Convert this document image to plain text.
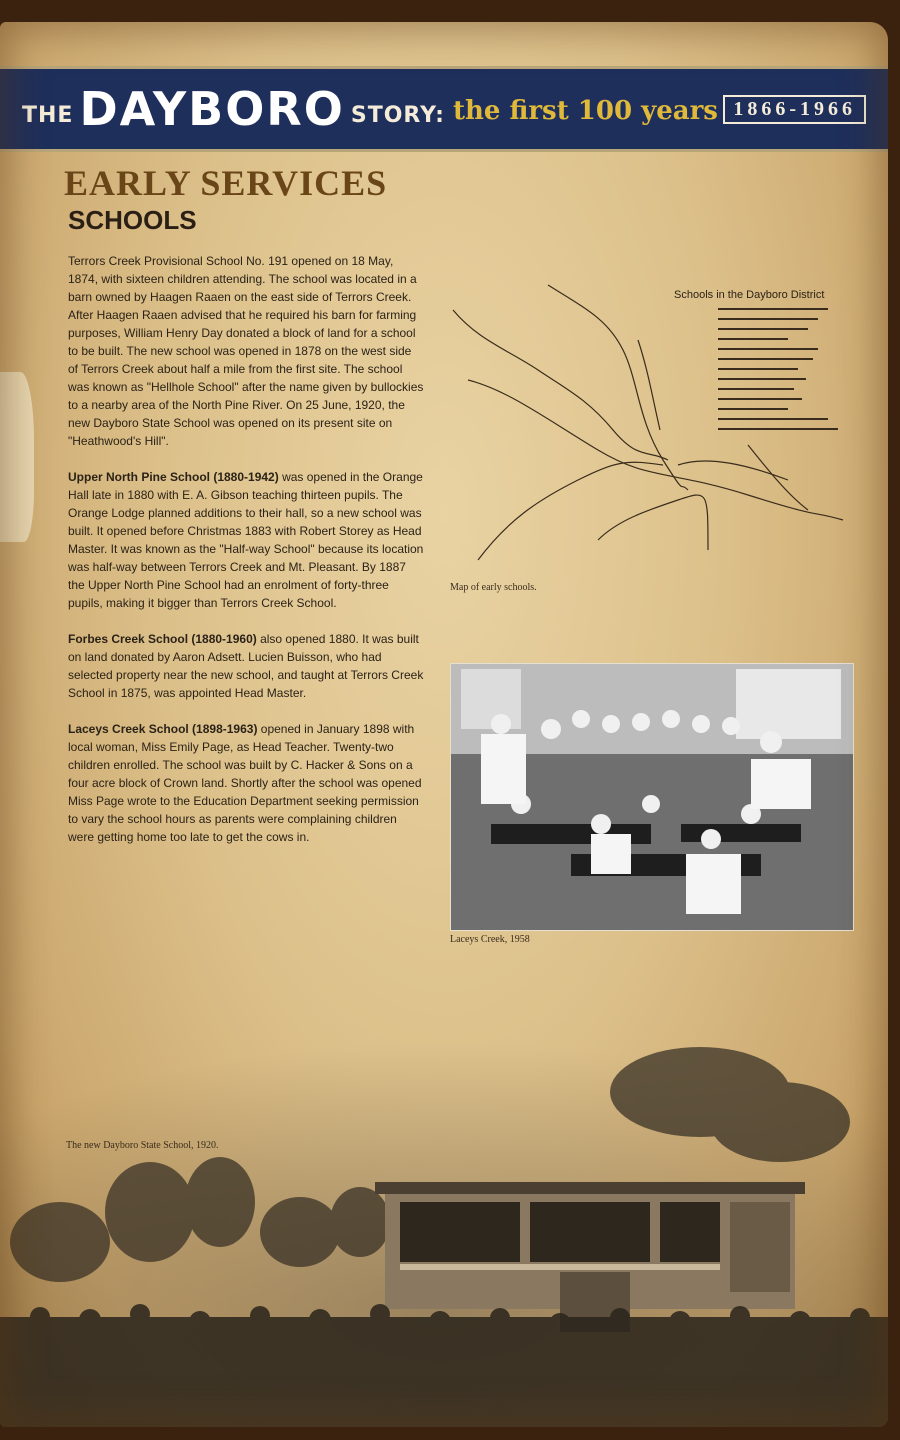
THE DAYBORO STORY: the first 100 years 1866-1966
EARLY SERVICES
SCHOOLS

Terrors Creek Provisional School No. 191 opened on 18 May, 1874, with sixteen children attending. The school was located in a barn owned by Haagen Raaen on the east side of Terrors Creek. After Haagen Raaen advised that he required his barn for farming purposes, William Henry Day donated a block of land for a school to be built. The new school was opened in 1878 on the west side of Terrors Creek about half a mile from the first site. The school was known as "Hellhole School" after the name given by bullockies to a nearby area of the North Pine River. On 25 June, 1920, the new Dayboro State School was opened on its present site on "Heathwood's Hill".

Upper North Pine School (1880-1942) was opened in the Orange Hall late in 1880 with E. A. Gibson teaching thirteen pupils. The Orange Lodge planned additions to their hall, so a new school was built. It opened before Christmas 1883 with Robert Storey as Head Master. It was known as the "Half-way School" because its location was half-way between Terrors Creek and Mt. Pleasant. By 1887 the Upper North Pine School had an enrolment of forty-three pupils, making it bigger than Terrors Creek School.

Forbes Creek School (1880-1960) also opened 1880. It was built on land donated by Aaron Adsett. Lucien Buisson, who had selected property near the new school, and taught at Terrors Creek School in 1875, was appointed Head Master.

Laceys Creek School (1898-1963) opened in January 1898 with local woman, Miss Emily Page, as Head Teacher. Twenty-two children enrolled. The school was built by C. Hacker & Sons on a four acre block of Crown land. Shortly after the school was opened Miss Page wrote to the Education Department seeking permission to vary the school hours as parents were complaining children were getting home too late to get the cows in.

Schools in the Dayboro District
Map of early schools.
Laceys Creek, 1958
The new Dayboro State School, 1920.
